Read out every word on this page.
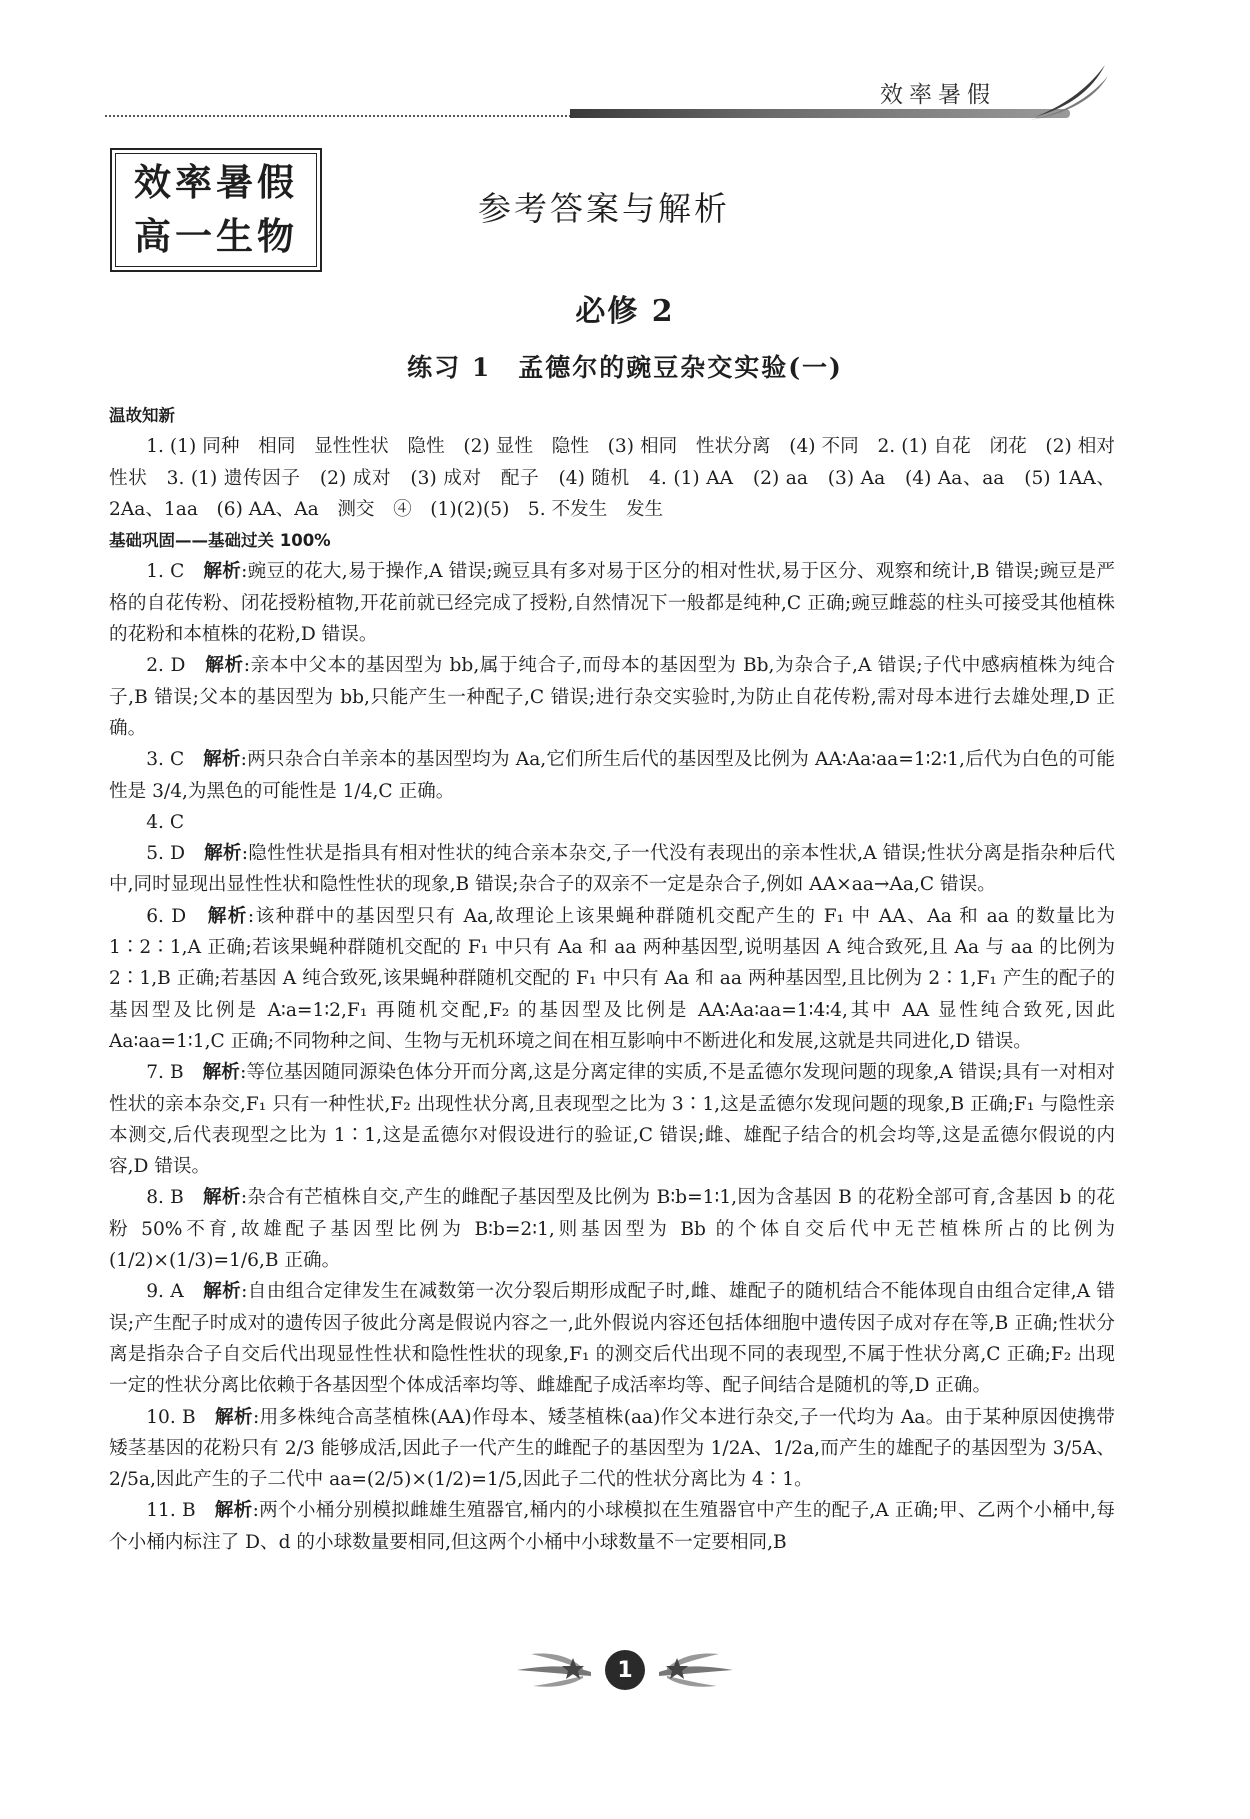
效率暑假
效率暑假
高一生物
参考答案与解析
必修 2
练习 1　孟德尔的豌豆杂交实验(一)

温故知新

1. (1) 同种　相同　显性性状　隐性　(2) 显性　隐性　(3) 相同　性状分离　(4) 不同　2. (1) 自花　闭花　(2) 相对性状　3. (1) 遗传因子　(2) 成对　(3) 成对　配子　(4) 随机　4. (1) AA　(2) aa　(3) Aa　(4) Aa、aa　(5) 1AA、2Aa、1aa　(6) AA、Aa　测交　④　(1)(2)(5)　5. 不发生　发生

基础巩固——基础过关 100%

1. C　 解析:豌豆的花大,易于操作,A 错误;豌豆具有多对易于区分的相对性状,易于区分、观察和统计,B 错误;豌豆是严格的自花传粉、闭花授粉植物,开花前就已经完成了授粉,自然情况下一般都是纯种,C 正确;豌豆雌蕊的柱头可接受其他植株的花粉和本植株的花粉,D 错误。

2. D　 解析:亲本中父本的基因型为 bb,属于纯合子,而母本的基因型为 Bb,为杂合子,A 错误;子代中感病植株为纯合子,B 错误;父本的基因型为 bb,只能产生一种配子,C 错误;进行杂交实验时,为防止自花传粉,需对母本进行去雄处理,D 正确。

3. C　 解析:两只杂合白羊亲本的基因型均为 Aa,它们所生后代的基因型及比例为 AA∶Aa∶aa=1∶2∶1,后代为白色的可能性是 3/4,为黑色的可能性是 1/4,C 正确。

4. C

5. D　 解析:隐性性状是指具有相对性状的纯合亲本杂交,子一代没有表现出的亲本性状,A 错误;性状分离是指杂种后代中,同时显现出显性性状和隐性性状的现象,B 错误;杂合子的双亲不一定是杂合子,例如 AA×aa→Aa,C 错误。

6. D　 解析:该种群中的基因型只有 Aa,故理论上该果蝇种群随机交配产生的 F₁ 中 AA、Aa 和 aa 的数量比为 1∶2∶1,A 正确;若该果蝇种群随机交配的 F₁ 中只有 Aa 和 aa 两种基因型,说明基因 A 纯合致死,且 Aa 与 aa 的比例为 2∶1,B 正确;若基因 A 纯合致死,该果蝇种群随机交配的 F₁ 中只有 Aa 和 aa 两种基因型,且比例为 2∶1,F₁ 产生的配子的基因型及比例是 A∶a=1∶2,F₁ 再随机交配,F₂ 的基因型及比例是 AA∶Aa∶aa=1∶4∶4,其中 AA 显性纯合致死,因此 Aa∶aa=1∶1,C 正确;不同物种之间、生物与无机环境之间在相互影响中不断进化和发展,这就是共同进化,D 错误。

7. B　 解析:等位基因随同源染色体分开而分离,这是分离定律的实质,不是孟德尔发现问题的现象,A 错误;具有一对相对性状的亲本杂交,F₁ 只有一种性状,F₂ 出现性状分离,且表现型之比为 3∶1,这是孟德尔发现问题的现象,B 正确;F₁ 与隐性亲本测交,后代表现型之比为 1∶1,这是孟德尔对假设进行的验证,C 错误;雌、雄配子结合的机会均等,这是孟德尔假说的内容,D 错误。

8. B　 解析:杂合有芒植株自交,产生的雌配子基因型及比例为 B∶b=1∶1,因为含基因 B 的花粉全部可育,含基因 b 的花粉 50%不育,故雄配子基因型比例为 B∶b=2∶1,则基因型为 Bb 的个体自交后代中无芒植株所占的比例为(1/2)×(1/3)=1/6,B 正确。

9. A　 解析:自由组合定律发生在减数第一次分裂后期形成配子时,雌、雄配子的随机结合不能体现自由组合定律,A 错误;产生配子时成对的遗传因子彼此分离是假说内容之一,此外假说内容还包括体细胞中遗传因子成对存在等,B 正确;性状分离是指杂合子自交后代出现显性性状和隐性性状的现象,F₁ 的测交后代出现不同的表现型,不属于性状分离,C 正确;F₂ 出现一定的性状分离比依赖于各基因型个体成活率均等、雌雄配子成活率均等、配子间结合是随机的等,D 正确。

10. B　 解析:用多株纯合高茎植株(AA)作母本、矮茎植株(aa)作父本进行杂交,子一代均为 Aa。由于某种原因使携带矮茎基因的花粉只有 2/3 能够成活,因此子一代产生的雌配子的基因型为 1/2A、1/2a,而产生的雄配子的基因型为 3/5A、2/5a,因此产生的子二代中 aa=(2/5)×(1/2)=1/5,因此子二代的性状分离比为 4∶1。

11. B　 解析:两个小桶分别模拟雌雄生殖器官,桶内的小球模拟在生殖器官中产生的配子,A 正确;甲、乙两个小桶中,每个小桶内标注了 D、d 的小球数量要相同,但这两个小桶中小球数量不一定要相同,B

1
